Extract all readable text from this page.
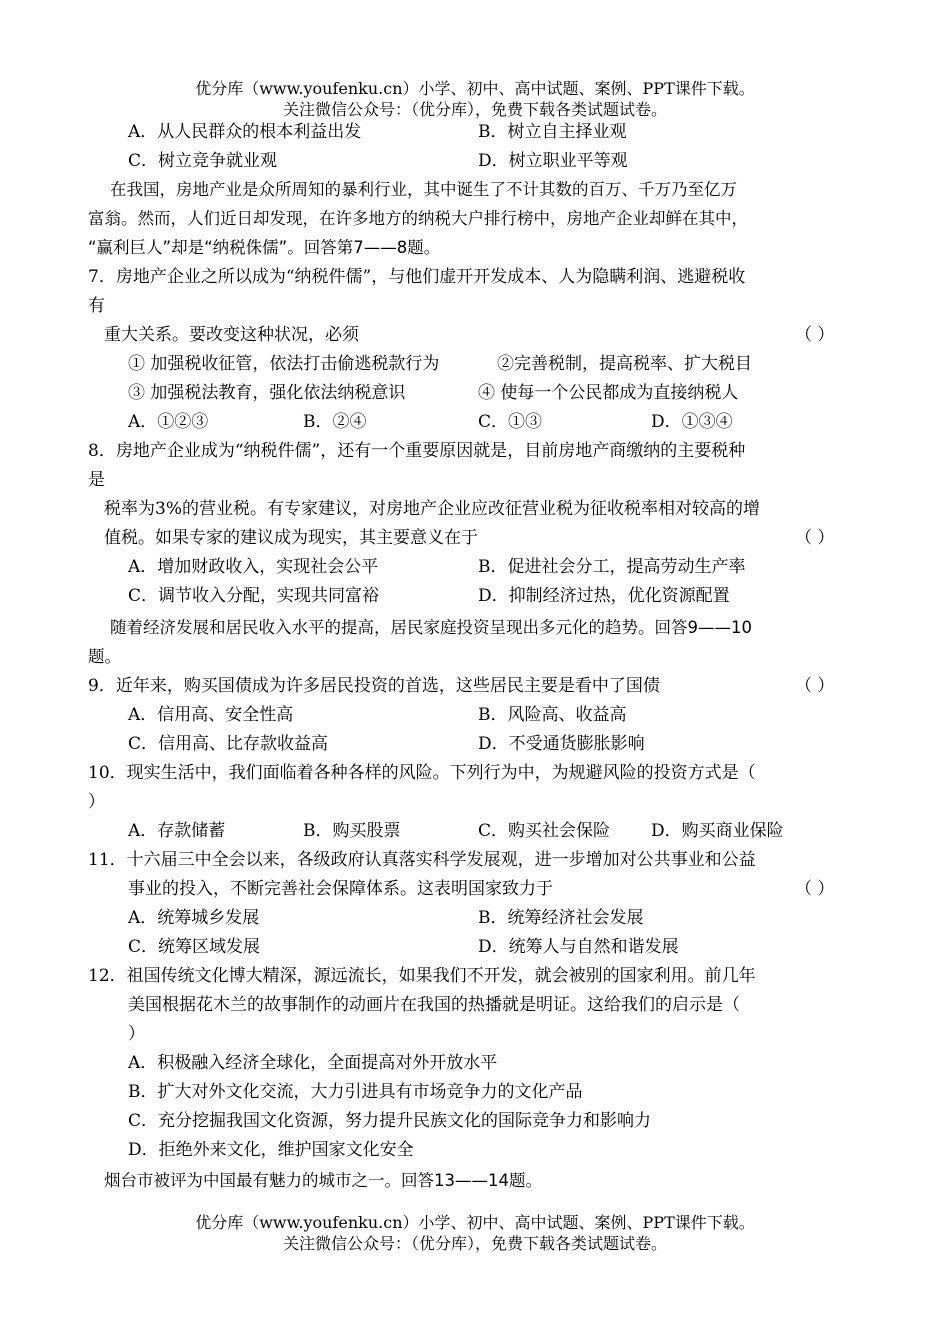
优分库（www.youfenku.cn）小学、初中、高中试题、案例、PPT课件下载。
关注微信公众号：（优分库），免费下载各类试题试卷。
A．从人民群众的根本利益出发	B．树立自主择业观
C．树立竞争就业观	D．树立职业平等观
在我国，房地产业是众所周知的暴利行业，其中诞生了不计其数的百万、千万乃至亿万
富翁。然而，人们近日却发现，在许多地方的纳税大户排行榜中，房地产企业却鲜在其中，
“赢利巨人”却是“纳税侏儒”。回答第7——8题。
7．房地产企业之所以成为“纳税件儒”，与他们虚开开发成本、人为隐瞒利润、逃避税收
有
重大关系。要改变这种状况，必须	（ ）
① 加强税收征管，依法打击偷逃税款行为	②完善税制，提高税率、扩大税目
③ 加强税法教育，强化依法纳税意识	④ 使每一个公民都成为直接纳税人
A．①②③	B．②④	C．①③	D．①③④
8．房地产企业成为“纳税件儒”，还有一个重要原因就是，目前房地产商缴纳的主要税种
是
税率为3%的营业税。有专家建议，对房地产企业应改征营业税为征收税率相对较高的增
值税。如果专家的建议成为现实，其主要意义在于	（ ）
A．增加财政收入，实现社会公平	B．促进社会分工，提高劳动生产率
C．调节收入分配，实现共同富裕	D．抑制经济过热，优化资源配置
随着经济发展和居民收入水平的提高，居民家庭投资呈现出多元化的趋势。回答9——10
题。
9．近年来，购买国债成为许多居民投资的首选，这些居民主要是看中了国债	（ ）
A．信用高、安全性高	B．风险高、收益高
C．信用高、比存款收益高	D．不受通货膨胀影响
10．现实生活中，我们面临着各种各样的风险。下列行为中，为规避风险的投资方式是（
）
A．存款储蓄	B．购买股票	C．购买社会保险 D．购买商业保险
11．十六届三中全会以来，各级政府认真落实科学发展观，进一步增加对公共事业和公益
事业的投入，不断完善社会保障体系。这表明国家致力于	（ ）
A．统筹城乡发展	B．统筹经济社会发展
C．统筹区域发展	D．统筹人与自然和谐发展
12．祖国传统文化博大精深，源远流长，如果我们不开发，就会被别的国家利用。前几年
美国根据花木兰的故事制作的动画片在我国的热播就是明证。这给我们的启示是（
）
A．积极融入经济全球化，全面提高对外开放水平
B．扩大对外文化交流，大力引进具有市场竞争力的文化产品
C．充分挖掘我国文化资源，努力提升民族文化的国际竞争力和影响力
D．拒绝外来文化，维护国家文化安全
烟台市被评为中国最有魅力的城市之一。回答13——14题。
优分库（www.youfenku.cn）小学、初中、高中试题、案例、PPT课件下载。
关注微信公众号：（优分库），免费下载各类试题试卷。
